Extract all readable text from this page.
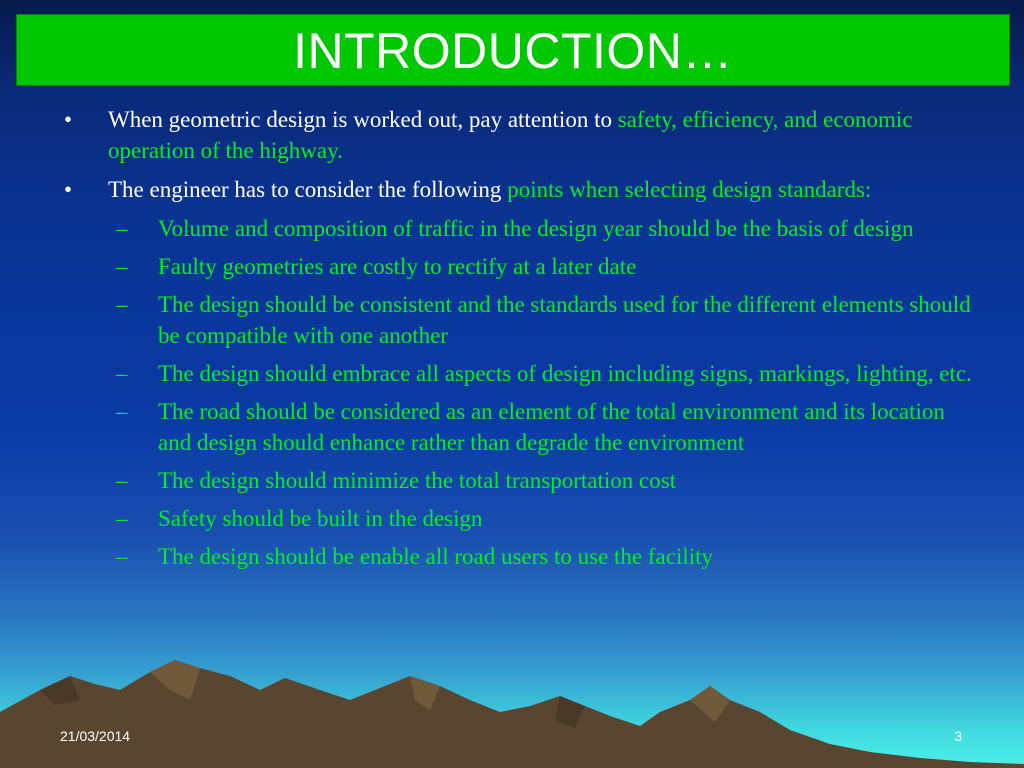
INTRODUCTION…
•	When geometric design is worked out, pay attention to safety, efficiency, and economic operation of the highway.
•	The engineer has to consider the following points when selecting design standards:
–	Volume and composition of traffic in the design year should be the basis of design
–	Faulty geometries are costly to rectify at a later date
–	The design should be consistent and the standards used for the different elements should be compatible with one another
–	The design should embrace all aspects of design including signs, markings, lighting, etc.
–	The road should be considered as an element of the total environment and its location and design should enhance rather than degrade the environment
–	The design should minimize the total transportation cost
–	Safety should be built in the design
–	The design should be enable all road users to use the facility
21/03/2014	3
